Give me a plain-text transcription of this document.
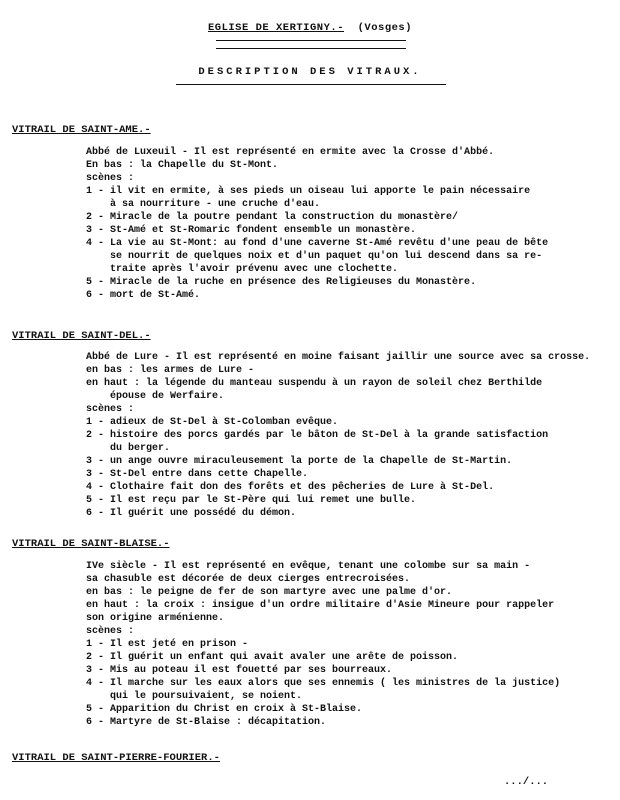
EGLISE DE XERTIGNY.- (Vosges)
DESCRIPTION DES VITRAUX.
VITRAIL DE SAINT-AME.-
Abbé de Luxeuil - Il est représenté en ermite avec la Crosse d'Abbé.
En bas : la Chapelle du St-Mont.
scènes :
1 - il vit en ermite, à ses pieds un oiseau lui apporte le pain nécessaire
à sa nourriture - une cruche d'eau.
2 - Miracle de la poutre pendant la construction du monastère/
3 - St-Amé et St-Romaric fondent ensemble un monastère.
4 - La vie au St-Mont: au fond d'une caverne St-Amé revêtu d'une peau de bête
se nourrit de quelques noix et d'un paquet qu'on lui descend dans sa re-
traite après l'avoir prévenu avec une clochette.
5 - Miracle de la ruche en présence des Religieuses du Monastère.
6 - mort de St-Amé.
VITRAIL DE SAINT-DEL.-
Abbé de Lure - Il est représenté en moine faisant jaillir une source avec sa crosse.
en bas : les armes de Lure -
en haut : la légende du manteau suspendu à un rayon de soleil chez Berthilde
épouse de Werfaire.
scènes :
1 - adieux de St-Del à St-Colomban evêque.
2 - histoire des porcs gardés par le bâton de St-Del à la grande satisfaction
du berger.
3 - un ange ouvre miraculeusement la porte de la Chapelle de St-Martin.
3 - St-Del entre dans cette Chapelle.
4 - Clothaire fait don des forêts et des pêcheries de Lure à St-Del.
5 - Il est reçu par le St-Père qui lui remet une bulle.
6 - Il guérit une possédé du démon.
VITRAIL DE SAINT-BLAISE.-
IVe siècle - Il est représenté en evêque, tenant une colombe sur sa main -
sa chasuble est décorée de deux cierges entrecroisées.
en bas : le peigne de fer de son martyre avec une palme d'or.
en haut : la croix : insigue d'un ordre militaire d'Asie Mineure pour rappeler
son origine arménienne.
scènes :
1 - Il est jeté en prison -
2 - Il guérit un enfant qui avait avaler une arête de poisson.
3 - Mis au poteau il est fouetté par ses bourreaux.
4 - Il marche sur les eaux alors que ses ennemis ( les ministres de la justice)
qui le poursuivaient, se noient.
5 - Apparition du Christ en croix à St-Blaise.
6 - Martyre de St-Blaise : décapitation.
VITRAIL DE SAINT-PIERRE-FOURIER.-
.../...
